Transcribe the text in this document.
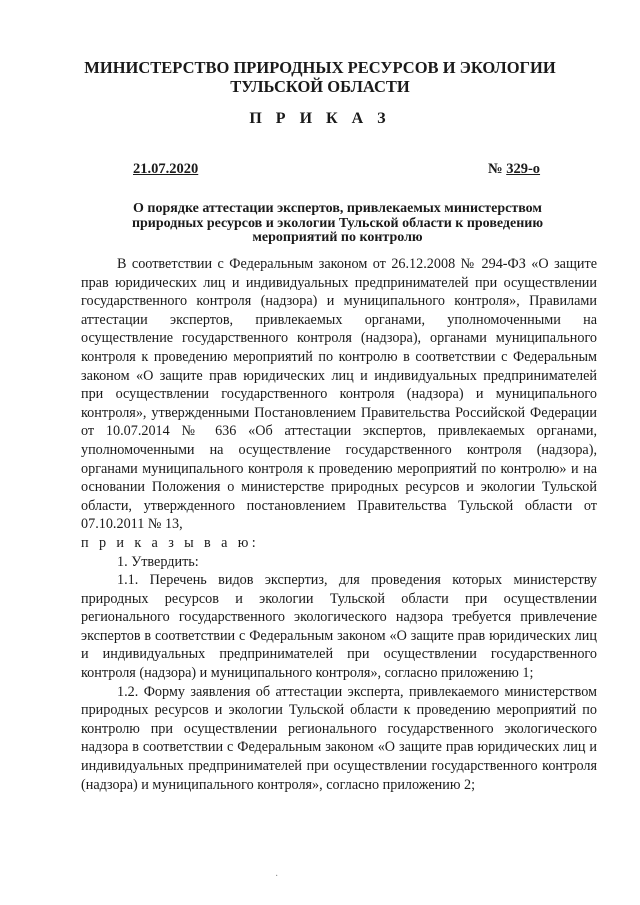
МИНИСТЕРСТВО ПРИРОДНЫХ РЕСУРСОВ И ЭКОЛОГИИ
ТУЛЬСКОЙ ОБЛАСТИ
П Р И К А З
21.07.2020	№ 329-о
О порядке аттестации экспертов, привлекаемых министерством
природных ресурсов и экологии Тульской области к проведению
мероприятий по контролю

В соответствии с Федеральным законом от 26.12.2008 № 294-ФЗ «О защите прав юридических лиц и индивидуальных предпринимателей при осуществлении государственного контроля (надзора) и муниципального контроля», Правилами аттестации экспертов, привлекаемых органами, уполномоченными на осуществление государственного контроля (надзора), органами муниципального контроля к проведению мероприятий по контролю в соответствии с Федеральным законом «О защите прав юридических лиц и индивидуальных предпринимателей при осуществлении государственного контроля (надзора) и муниципального контроля», утвержденными Постановлением Правительства Российской Федерации от 10.07.2014 № 636 «Об аттестации экспертов, привлекаемых органами, уполномоченными на осуществление государственного контроля (надзора), органами муниципального контроля к проведению мероприятий по контролю» и на основании Положения о министерстве природных ресурсов и экологии Тульской области, утвержденного постановлением Правительства Тульской области от 07.10.2011 № 13,

п р и к а з ы в а ю:

1. Утвердить:

1.1. Перечень видов экспертиз, для проведения которых министерству природных ресурсов и экологии Тульской области при осуществлении регионального государственного экологического надзора требуется привлечение экспертов в соответствии с Федеральным законом «О защите прав юридических лиц и индивидуальных предпринимателей при осуществлении государственного контроля (надзора) и муниципального контроля», согласно приложению 1;

1.2. Форму заявления об аттестации эксперта, привлекаемого министерством природных ресурсов и экологии Тульской области к проведению мероприятий по контролю при осуществлении регионального государственного экологического надзора в соответствии с Федеральным законом «О защите прав юридических лиц и индивидуальных предпринимателей при осуществлении государственного контроля (надзора) и муниципального контроля», согласно приложению 2;

·
